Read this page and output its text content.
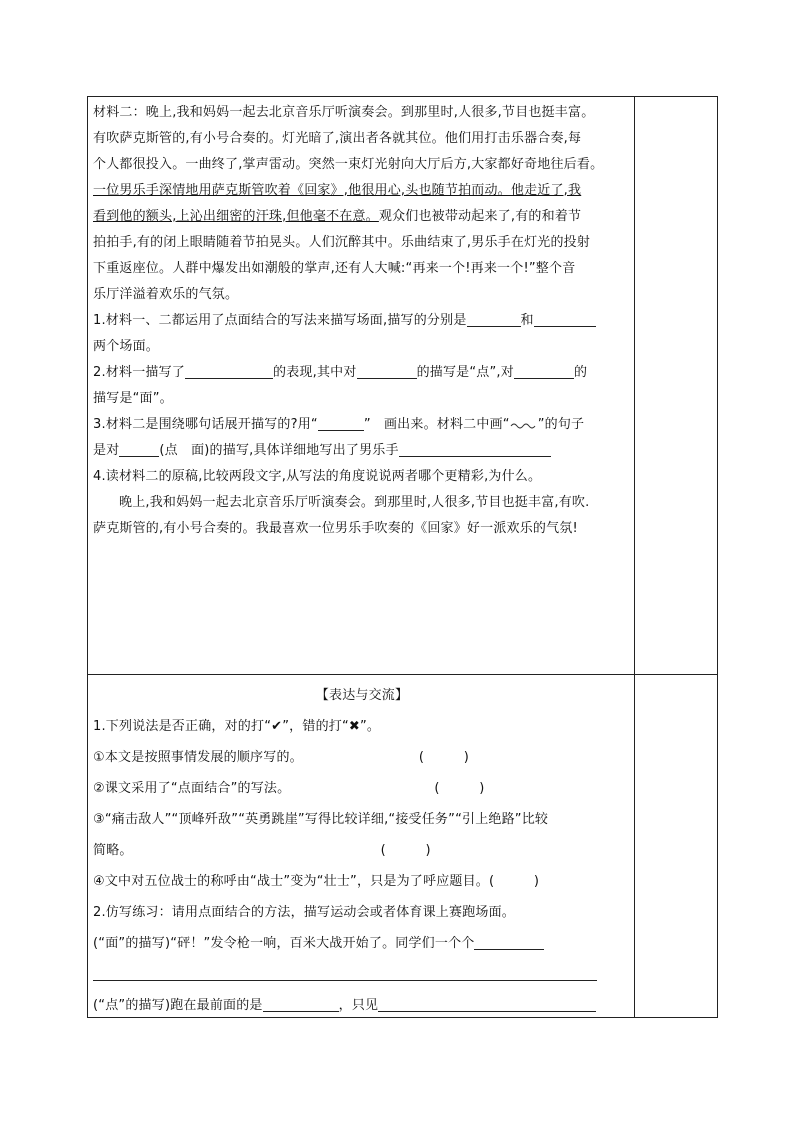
材料二：晚上,我和妈妈一起去北京音乐厅听演奏会。到那里时,人很多,节目也挺丰富。
有吹萨克斯管的,有小号合奏的。灯光暗了,演出者各就其位。他们用打击乐器合奏,每
个人都很投入。一曲终了,掌声雷动。突然一束灯光射向大厅后方,大家都好奇地往后看。
一位男乐手深情地用萨克斯管吹着《回家》,他很用心,头也随节拍而动。他走近了,我
看到他的额头,上沁出细密的汗珠,但他毫不在意。观众们也被带动起来了,有的和着节
拍拍手,有的闭上眼睛随着节拍晃头。人们沉醉其中。乐曲结束了,男乐手在灯光的投射
下重返座位。人群中爆发出如潮般的掌声,还有人大喊:“再来一个!再来一个!”整个音
乐厅洋溢着欢乐的气氛。
1.材料一、二都运用了点面结合的写法来描写场面,描写的分别是	和
两个场面。
2.材料一描写了	的表现,其中对	的描写是“点”,对	的
描写是“面”。
3.材料二是围绕哪句话展开描写的?用“	”　画出来。材料二中画“ ”的句子
是对	(点　面)的描写,具体详细地写出了男乐手
4.读材料二的原稿,比较两段文字,从写法的角度说说两者哪个更精彩,为什么。
晚上,我和妈妈一起去北京音乐厅听演奏会。到那里时,人很多,节目也挺丰富,有吹.
萨克斯管的,有小号合奏的。我最喜欢一位男乐手吹奏的《回家》好一派欢乐的气氛!
【表达与交流】
1.下列说法是否正确，对的打“✔”，错的打“✖”。
①本文是按照事情发展的顺序写的。	(　　　)
②课文采用了“点面结合”的写法。	(　　　)
③“痛击敌人”“顶峰歼敌”“英勇跳崖”写得比较详细,“接受任务”“引上绝路”比较
简略。	(　　　)
④文中对五位战士的称呼由“战士”变为“壮士”，只是为了呼应题目。(　　　)
2.仿写练习：请用点面结合的方法，描写运动会或者体育课上赛跑场面。
(“面”的描写)“砰！”发令枪一响，百米大战开始了。同学们一个个
(“点”的描写)跑在最前面的是	，只见
